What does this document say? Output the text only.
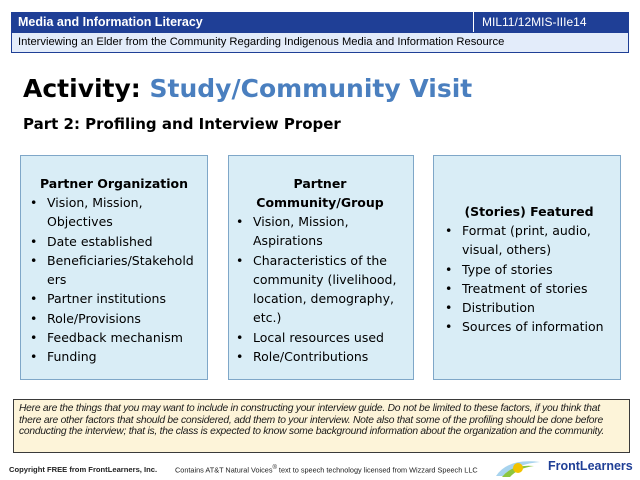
Media and Information Literacy	MIL11/12MIS-IIIe14
Interviewing an Elder from the Community Regarding Indigenous Media and Information Resource
Activity: Study/Community Visit
Part 2: Profiling and Interview Proper
Partner Organization
• Vision, Mission, Objectives
• Date established
• Beneficiaries/Stakeholders
• Partner institutions
• Role/Provisions
• Feedback mechanism
• Funding
Partner Community/Group
• Vision, Mission, Aspirations
• Characteristics of the community (livelihood, location, demography, etc.)
• Local resources used
• Role/Contributions
(Stories) Featured
• Format (print, audio, visual, others)
• Type of stories
• Treatment of stories
• Distribution
• Sources of information
Here are the things that you may want to include in constructing your interview guide. Do not be limited to these factors, if you think that there are other factors that should be considered, add them to your interview. Note also that some of the profiling should be done before conducting the interview; that is, the class is expected to know some background information about the organization and the community.
Copyright FREE from FrontLearners, Inc. Contains AT&T Natural Voices® text to speech technology licensed from Wizzard Speech LLC	FrontLearners
